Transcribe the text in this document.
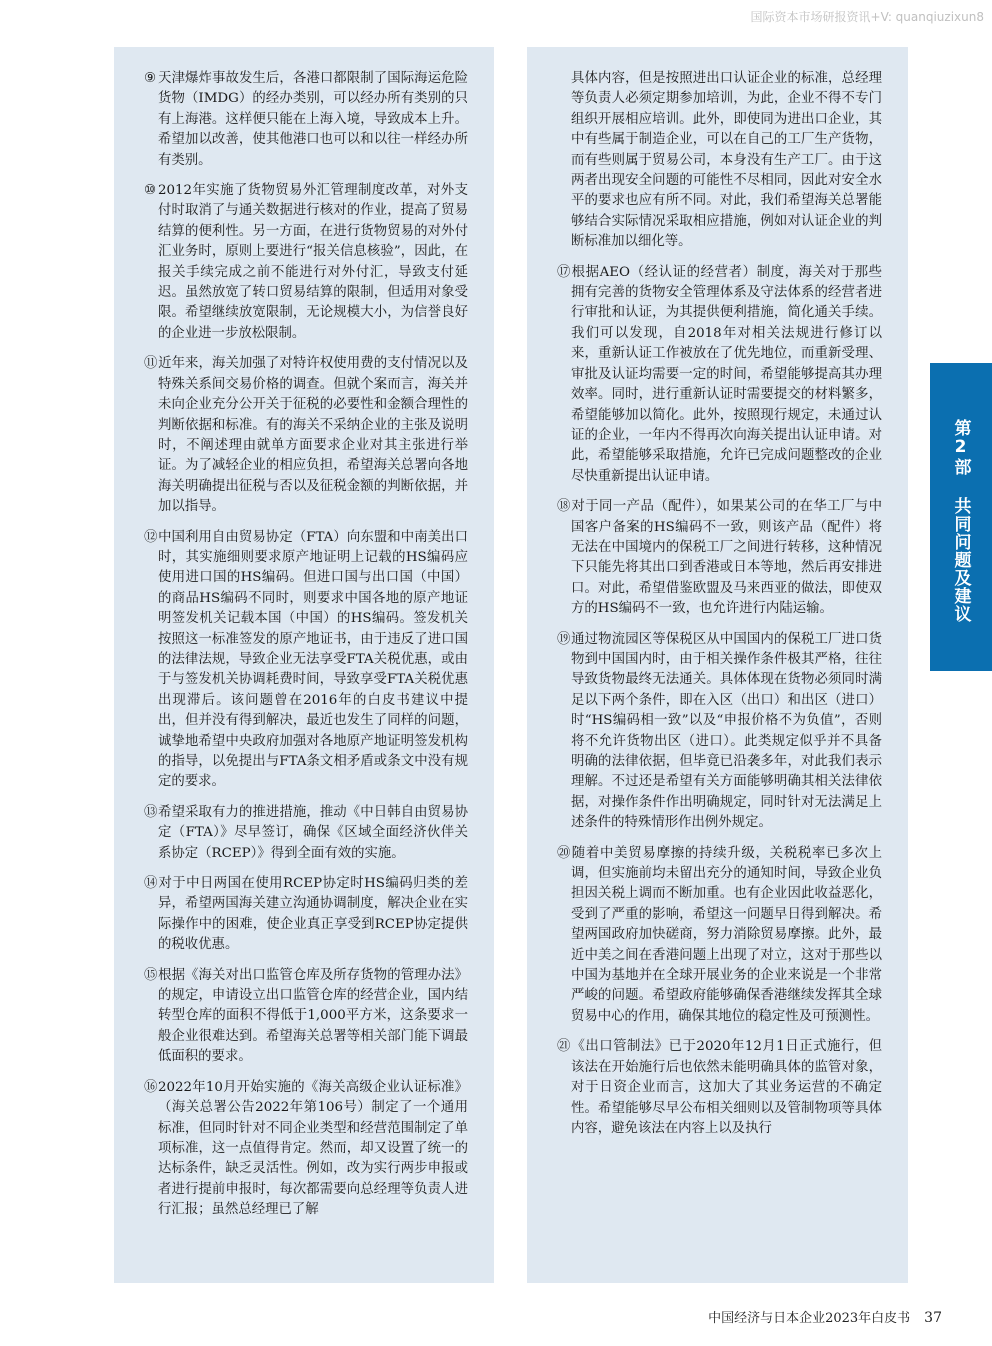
国际资本市场研报资讯+V: quanqiuzixun8

⑨ 天津爆炸事故发生后，各港口都限制了国际海运危险货物（IMDG）的经办类别，可以经办所有类别的只有上海港。这样便只能在上海入境，导致成本上升。希望加以改善，使其他港口也可以和以往一样经办所有类别。

⑩ 2012年实施了货物贸易外汇管理制度改革，对外支付时取消了与通关数据进行核对的作业，提高了贸易结算的便利性。另一方面，在进行货物贸易的对外付汇业务时，原则上要进行“报关信息核验”，因此，在报关手续完成之前不能进行对外付汇，导致支付延迟。虽然放宽了转口贸易结算的限制，但适用对象受限。希望继续放宽限制，无论规模大小，为信誉良好的企业进一步放松限制。

⑪近年来，海关加强了对特许权使用费的支付情况以及特殊关系间交易价格的调查。但就个案而言，海关并未向企业充分公开关于征税的必要性和金额合理性的判断依据和标准。有的海关不采纳企业的主张及说明时，不阐述理由就单方面要求企业对其主张进行举证。为了减轻企业的相应负担，希望海关总署向各地海关明确提出征税与否以及征税金额的判断依据，并加以指导。

⑫中国利用自由贸易协定（FTA）向东盟和中南美出口时，其实施细则要求原产地证明上记载的HS编码应使用进口国的HS编码。但进口国与出口国（中国）的商品HS编码不同时，则要求中国各地的原产地证明签发机关记载本国（中国）的HS编码。签发机关按照这一标准签发的原产地证书，由于违反了进口国的法律法规，导致企业无法享受FTA关税优惠，或由于与签发机关协调耗费时间，导致享受FTA关税优惠出现滞后。该问题曾在2016年的白皮书建议中提出，但并没有得到解决，最近也发生了同样的问题，诚挚地希望中央政府加强对各地原产地证明签发机构的指导，以免提出与FTA条文相矛盾或条文中没有规定的要求。

⑬希望采取有力的推进措施，推动《中日韩自由贸易协定（FTA）》尽早签订，确保《区域全面经济伙伴关系协定（RCEP）》得到全面有效的实施。

⑭对于中日两国在使用RCEP协定时HS编码归类的差异，希望两国海关建立沟通协调制度，解决企业在实际操作中的困难，使企业真正享受到RCEP协定提供的税收优惠。

⑮根据《海关对出口监管仓库及所存货物的管理办法》的规定，申请设立出口监管仓库的经营企业，国内结转型仓库的面积不得低于1,000平方米，这条要求一般企业很难达到。希望海关总署等相关部门能下调最低面积的要求。

⑯2022年10月开始实施的《海关高级企业认证标准》（海关总署公告2022年第106号）制定了一个通用标准，但同时针对不同企业类型和经营范围制定了单项标准，这一点值得肯定。然而，却又设置了统一的达标条件，缺乏灵活性。例如，改为实行两步申报或者进行提前申报时，每次都需要向总经理等负责人进行汇报；虽然总经理已了解

具体内容，但是按照进出口认证企业的标准，总经理等负责人必须定期参加培训，为此，企业不得不专门组织开展相应培训。此外，即使同为进出口企业，其中有些属于制造企业，可以在自己的工厂生产货物，而有些则属于贸易公司，本身没有生产工厂。由于这两者出现安全问题的可能性不尽相同，因此对安全水平的要求也应有所不同。对此，我们希望海关总署能够结合实际情况采取相应措施，例如对认证企业的判断标准加以细化等。

⑰根据AEO（经认证的经营者）制度，海关对于那些拥有完善的货物安全管理体系及守法体系的经营者进行审批和认证，为其提供便利措施，简化通关手续。我们可以发现，自2018年对相关法规进行修订以来，重新认证工作被放在了优先地位，而重新受理、审批及认证均需要一定的时间，希望能够提高其办理效率。同时，进行重新认证时需要提交的材料繁多，希望能够加以简化。此外，按照现行规定，未通过认证的企业，一年内不得再次向海关提出认证申请。对此，希望能够采取措施，允许已完成问题整改的企业尽快重新提出认证申请。

⑱对于同一产品（配件），如果某公司的在华工厂与中国客户备案的HS编码不一致，则该产品（配件）将无法在中国境内的保税工厂之间进行转移，这种情况下只能先将其出口到香港或日本等地，然后再安排进口。对此，希望借鉴欧盟及马来西亚的做法，即使双方的HS编码不一致，也允许进行内陆运输。

⑲通过物流园区等保税区从中国国内的保税工厂进口货物到中国国内时，由于相关操作条件极其严格，往往导致货物最终无法通关。具体体现在货物必须同时满足以下两个条件，即在入区（出口）和出区（进口）时“HS编码相一致”以及“申报价格不为负值”，否则将不允许货物出区（进口）。此类规定似乎并不具备明确的法律依据，但毕竟已沿袭多年，对此我们表示理解。不过还是希望有关方面能够明确其相关法律依据，对操作条件作出明确规定，同时针对无法满足上述条件的特殊情形作出例外规定。

⑳随着中美贸易摩擦的持续升级，关税税率已多次上调，但实施前均未留出充分的通知时间，导致企业负担因关税上调而不断加重。也有企业因此收益恶化，受到了严重的影响，希望这一问题早日得到解决。希望两国政府加快磋商，努力消除贸易摩擦。此外，最近中美之间在香港问题上出现了对立，这对于那些以中国为基地并在全球开展业务的企业来说是一个非常严峻的问题。希望政府能够确保香港继续发挥其全球贸易中心的作用，确保其地位的稳定性及可预测性。

㉑《出口管制法》已于2020年12月1日正式施行，但该法在开始施行后也依然未能明确具体的监管对象，对于日资企业而言，这加大了其业务运营的不确定性。希望能够尽早公布相关细则以及管制物项等具体内容，避免该法在内容上以及执行

第2部 共同问题及建议
中国经济与日本企业2023年白皮书 37
